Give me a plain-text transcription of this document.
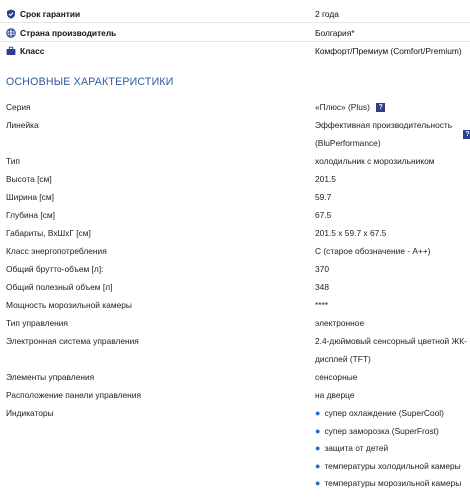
Срок гарантии	2 года
Страна производитель	Болгария*
Класс	Комфорт/Премиум (Comfort/Premium)
ОСНОВНЫЕ ХАРАКТЕРИСТИКИ
Серия	«Плюс» (Plus) ?
Линейка	Эффективная производительность
(BluPerformance)
?
Тип	холодильник с морозильником
Высота [см]	201.5
Ширина [см]	59.7
Глубина [см]	67.5
Габариты, ВхШхГ [см]	201.5 x 59.7 x 67.5
Класс энергопотребления	C (старое обозначение - A++)
Общий брутто-объем [л]:	370
Общий полезный объем [л]	348
Мощность морозильной камеры	****
Тип управления	электронное
Электронная система управления	2.4-дюймовый сенсорный цветной ЖК-
дисплей (TFT)
Элементы управления	сенсорные
Расположение панели управления	на дверце
Индикаторы	● супер охлаждение (SuperCool)
● супер заморозка (SuperFrost)
● защита от детей
● температуры холодильной камеры
● температуры морозильной камеры
